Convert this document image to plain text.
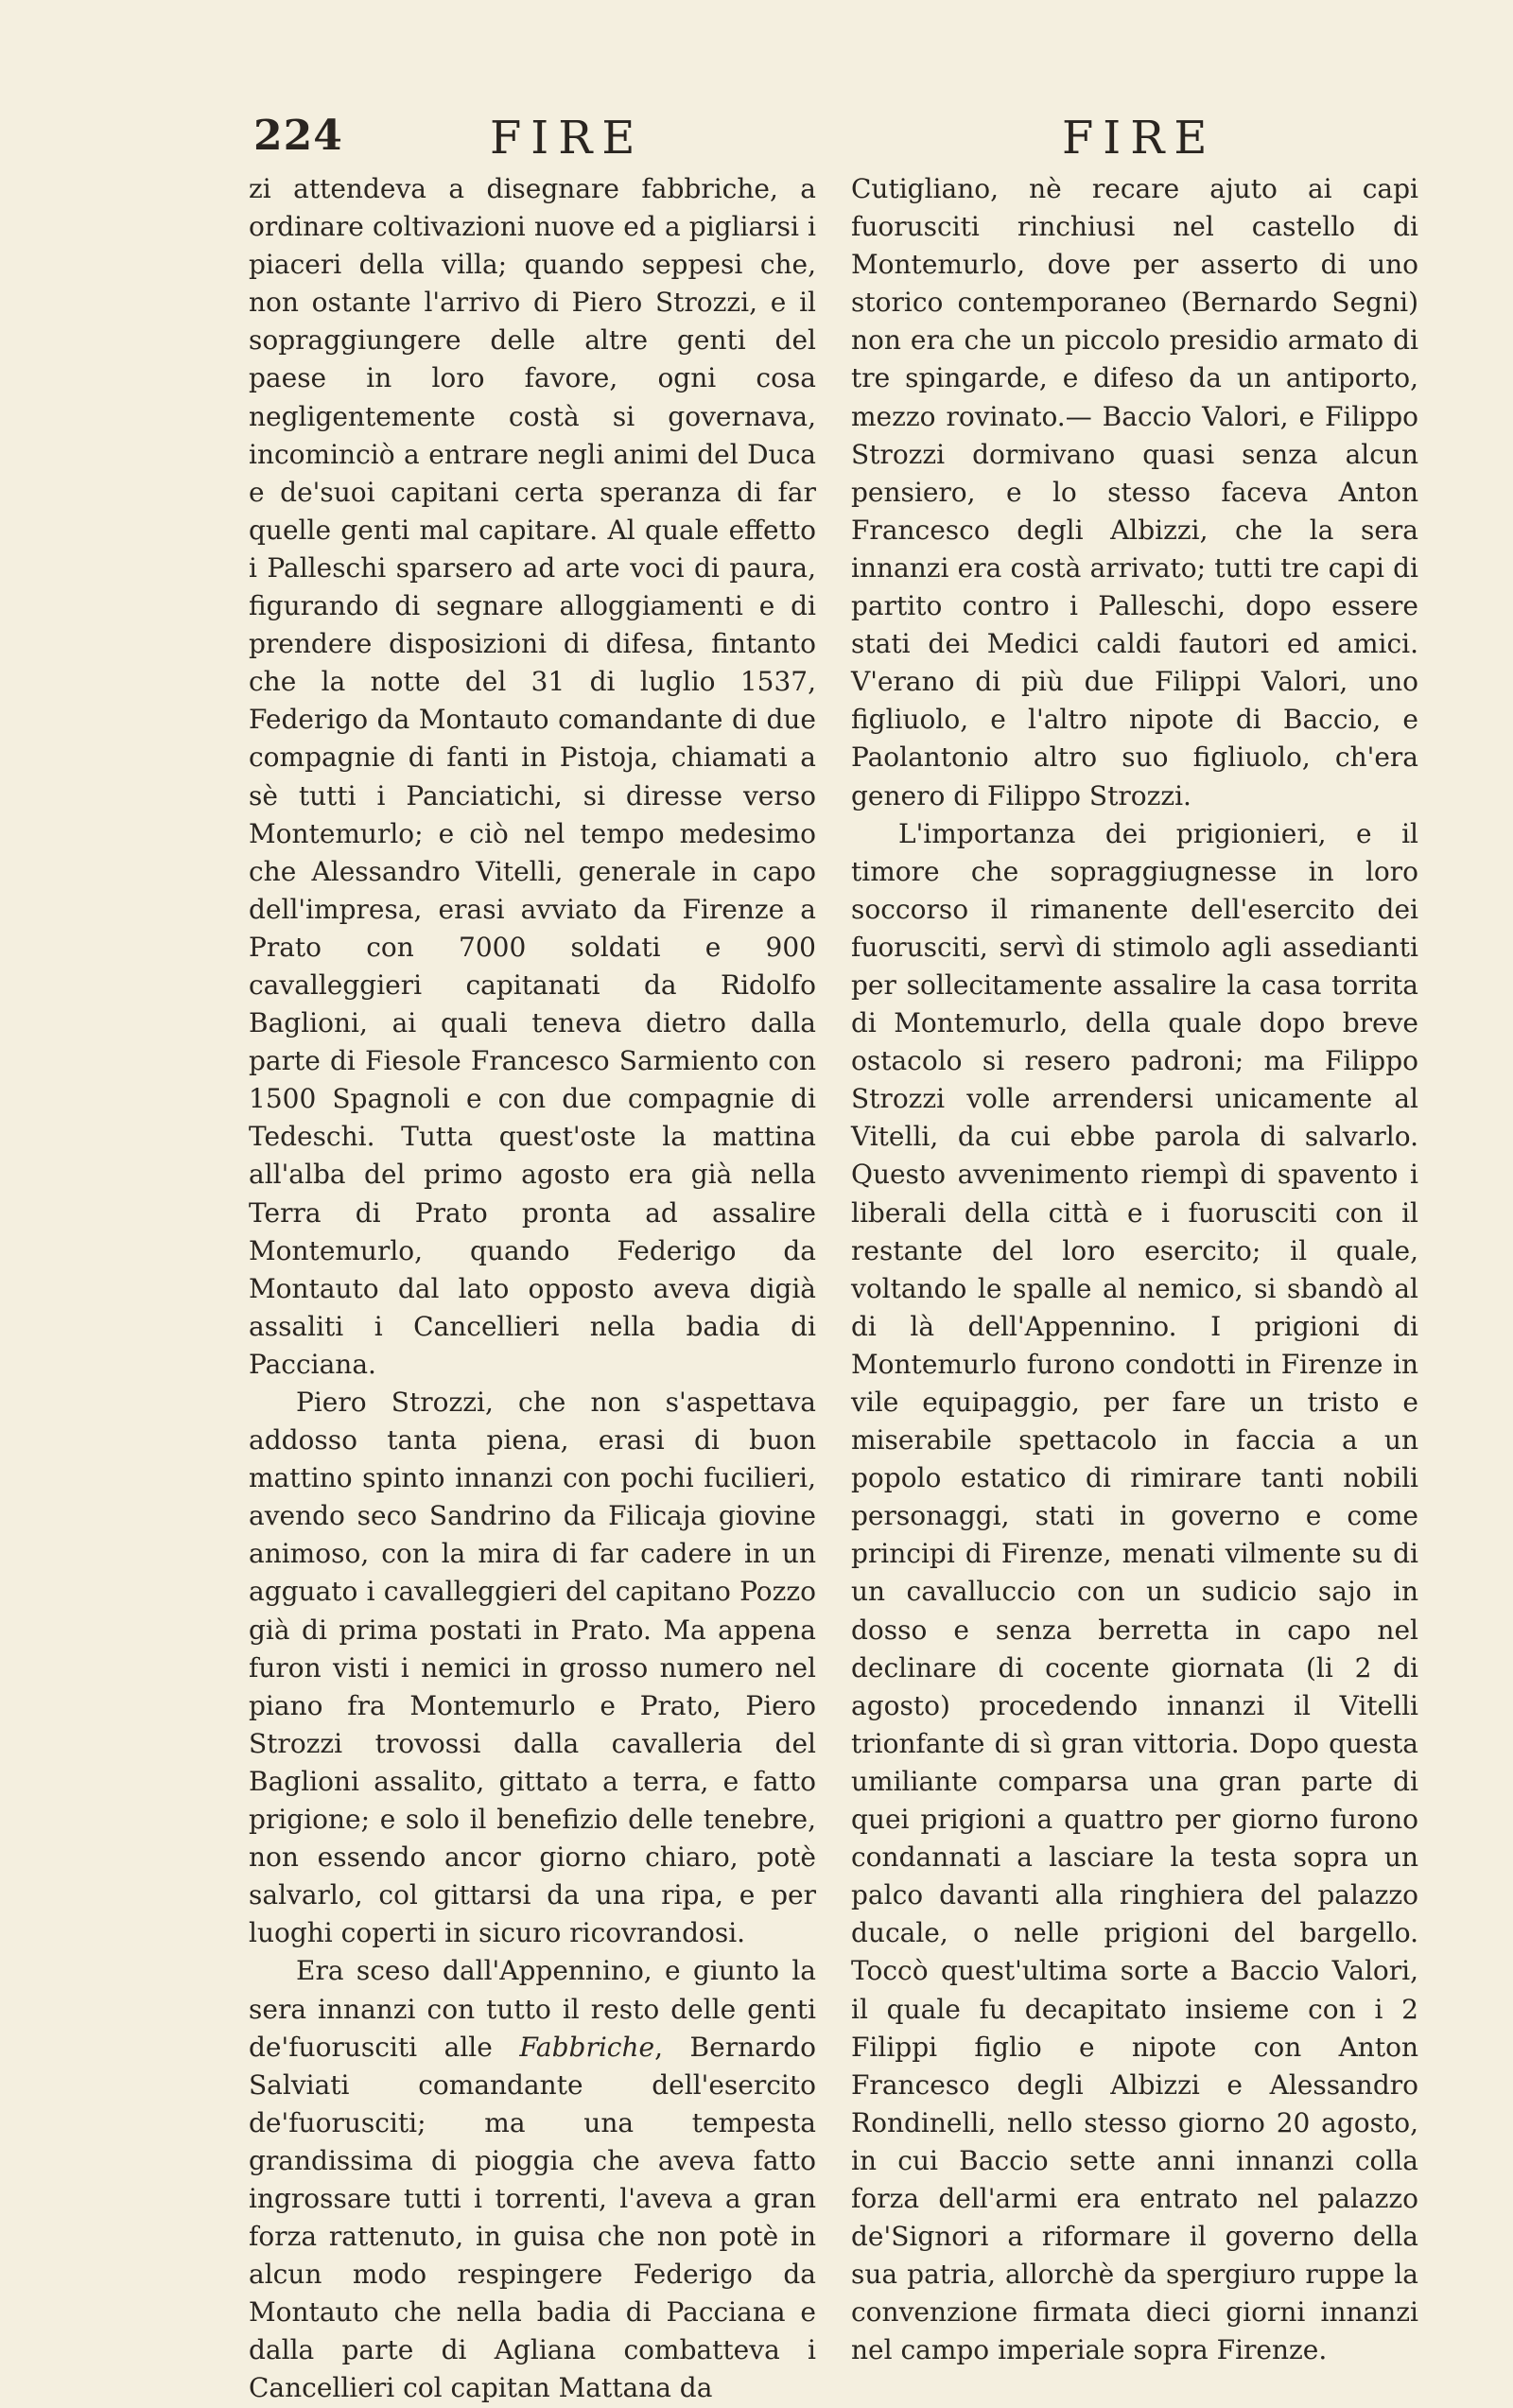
224	FIRE	FIRE

zi attendeva a disegnare fabbriche, a ordinare coltivazioni nuove ed a pigliarsi i piaceri della villa; quando seppesi che, non ostante l'arrivo di Piero Strozzi, e il sopraggiungere delle altre genti del paese in loro favore, ogni cosa negligentemente costà si governava, incominciò a entrare negli animi del Duca e de'suoi capitani certa speranza di far quelle genti mal capitare. Al quale effetto i Palleschi sparsero ad arte voci di paura, figurando di segnare alloggiamenti e di prendere disposizioni di difesa, fintanto che la notte del 31 di luglio 1537, Federigo da Montauto comandante di due compagnie di fanti in Pistoja, chiamati a sè tutti i Panciatichi, si diresse verso Montemurlo; e ciò nel tempo medesimo che Alessandro Vitelli, generale in capo dell'impresa, erasi avviato da Firenze a Prato con 7000 soldati e 900 cavalleggieri capitanati da Ridolfo Baglioni, ai quali teneva dietro dalla parte di Fiesole Francesco Sarmiento con 1500 Spagnoli e con due compagnie di Tedeschi. Tutta quest'oste la mattina all'alba del primo agosto era già nella Terra di Prato pronta ad assalire Montemurlo, quando Federigo da Montauto dal lato opposto aveva digià assaliti i Cancellieri nella badia di Pacciana.

Piero Strozzi, che non s'aspettava addosso tanta piena, erasi di buon mattino spinto innanzi con pochi fucilieri, avendo seco Sandrino da Filicaja giovine animoso, con la mira di far cadere in un agguato i cavalleggieri del capitano Pozzo già di prima postati in Prato. Ma appena furon visti i nemici in grosso numero nel piano fra Montemurlo e Prato, Piero Strozzi trovossi dalla cavalleria del Baglioni assalito, gittato a terra, e fatto prigione; e solo il benefizio delle tenebre, non essendo ancor giorno chiaro, potè salvarlo, col gittarsi da una ripa, e per luoghi coperti in sicuro ricovrandosi.

Era sceso dall'Appennino, e giunto la sera innanzi con tutto il resto delle genti de'fuorusciti alle Fabbriche, Bernardo Salviati comandante dell'esercito de'fuorusciti; ma una tempesta grandissima di pioggia che aveva fatto ingrossare tutti i torrenti, l'aveva a gran forza rattenuto, in guisa che non potè in alcun modo respingere Federigo da Montauto che nella badia di Pacciana e dalla parte di Agliana combatteva i Cancellieri col capitan Mattana da

Cutigliano, nè recare ajuto ai capi fuorusciti rinchiusi nel castello di Montemurlo, dove per asserto di uno storico contemporaneo (Bernardo Segni) non era che un piccolo presidio armato di tre spingarde, e difeso da un antiporto, mezzo rovinato.— Baccio Valori, e Filippo Strozzi dormivano quasi senza alcun pensiero, e lo stesso faceva Anton Francesco degli Albizzi, che la sera innanzi era costà arrivato; tutti tre capi di partito contro i Palleschi, dopo essere stati dei Medici caldi fautori ed amici. V'erano di più due Filippi Valori, uno figliuolo, e l'altro nipote di Baccio, e Paolantonio altro suo figliuolo, ch'era genero di Filippo Strozzi.

L'importanza dei prigionieri, e il timore che sopraggiugnesse in loro soccorso il rimanente dell'esercito dei fuorusciti, servì di stimolo agli assedianti per sollecitamente assalire la casa torrita di Montemurlo, della quale dopo breve ostacolo si resero padroni; ma Filippo Strozzi volle arrendersi unicamente al Vitelli, da cui ebbe parola di salvarlo. Questo avvenimento riempì di spavento i liberali della città e i fuorusciti con il restante del loro esercito; il quale, voltando le spalle al nemico, si sbandò al di là dell'Appennino. I prigioni di Montemurlo furono condotti in Firenze in vile equipaggio, per fare un tristo e miserabile spettacolo in faccia a un popolo estatico di rimirare tanti nobili personaggi, stati in governo e come principi di Firenze, menati vilmente su di un cavalluccio con un sudicio sajo in dosso e senza berretta in capo nel declinare di cocente giornata (li 2 di agosto) procedendo innanzi il Vitelli trionfante di sì gran vittoria. Dopo questa umiliante comparsa una gran parte di quei prigioni a quattro per giorno furono condannati a lasciare la testa sopra un palco davanti alla ringhiera del palazzo ducale, o nelle prigioni del bargello. Toccò quest'ultima sorte a Baccio Valori, il quale fu decapitato insieme con i 2 Filippi figlio e nipote con Anton Francesco degli Albizzi e Alessandro Rondinelli, nello stesso giorno 20 agosto, in cui Baccio sette anni innanzi colla forza dell'armi era entrato nel palazzo de'Signori a riformare il governo della sua patria, allorchè da spergiuro ruppe la convenzione firmata dieci giorni innanzi nel campo imperiale sopra Firenze.
